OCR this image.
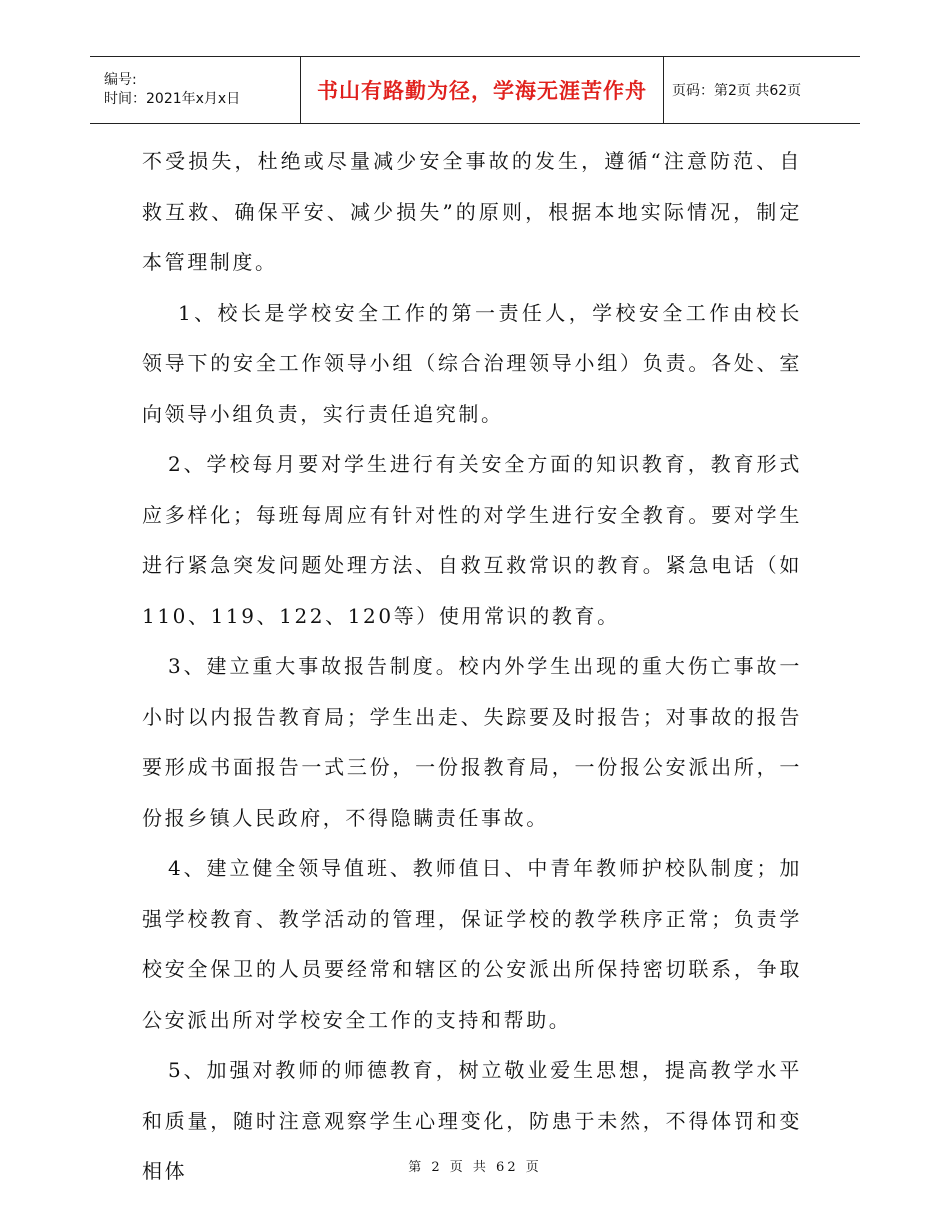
编号:
时间：2021年x月x日	书山有路勤为径，学海无涯苦作舟	页码：第2页 共62页

不受损失，杜绝或尽量减少安全事故的发生，遵循“注意防范、自救互救、确保平安、减少损失”的原则，根据本地实际情况，制定本管理制度。

1、校长是学校安全工作的第一责任人，学校安全工作由校长领导下的安全工作领导小组（综合治理领导小组）负责。各处、室向领导小组负责，实行责任追究制。

2、学校每月要对学生进行有关安全方面的知识教育，教育形式应多样化；每班每周应有针对性的对学生进行安全教育。要对学生进行紧急突发问题处理方法、自救互救常识的教育。紧急电话（如110、119、122、120等）使用常识的教育。

3、建立重大事故报告制度。校内外学生出现的重大伤亡事故一小时以内报告教育局；学生出走、失踪要及时报告；对事故的报告要形成书面报告一式三份，一份报教育局，一份报公安派出所，一份报乡镇人民政府，不得隐瞒责任事故。

4、建立健全领导值班、教师值日、中青年教师护校队制度；加强学校教育、教学活动的管理，保证学校的教学秩序正常；负责学校安全保卫的人员要经常和辖区的公安派出所保持密切联系，争取公安派出所对学校安全工作的支持和帮助。

5、加强对教师的师德教育，树立敬业爱生思想，提高教学水平和质量，随时注意观察学生心理变化，防患于未然，不得体罚和变相体	第 2 页 共 62 页
